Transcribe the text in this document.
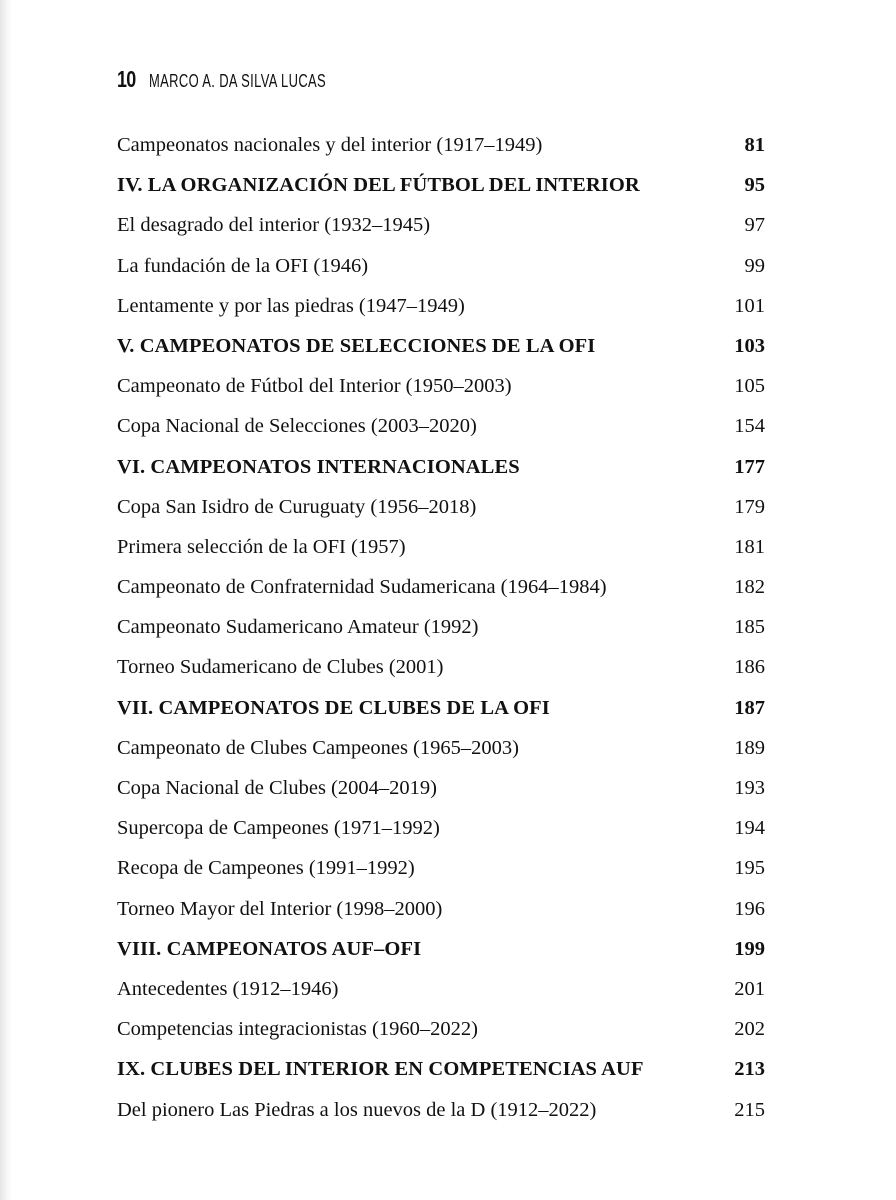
10 MARCO A. DA SILVA LUCAS
Campeonatos nacionales y del interior (1917–1949)	81
IV. LA ORGANIZACIÓN DEL FÚTBOL DEL INTERIOR	95
El desagrado del interior (1932–1945)	97
La fundación de la OFI (1946)	99
Lentamente y por las piedras (1947–1949)	101
V. CAMPEONATOS DE SELECCIONES DE LA OFI	103
Campeonato de Fútbol del Interior (1950–2003)	105
Copa Nacional de Selecciones (2003–2020)	154
VI. CAMPEONATOS INTERNACIONALES	177
Copa San Isidro de Curuguaty (1956–2018)	179
Primera selección de la OFI (1957)	181
Campeonato de Confraternidad Sudamericana (1964–1984)	182
Campeonato Sudamericano Amateur (1992)	185
Torneo Sudamericano de Clubes (2001)	186
VII. CAMPEONATOS DE CLUBES DE LA OFI	187
Campeonato de Clubes Campeones (1965–2003)	189
Copa Nacional de Clubes (2004–2019)	193
Supercopa de Campeones (1971–1992)	194
Recopa de Campeones (1991–1992)	195
Torneo Mayor del Interior (1998–2000)	196
VIII. CAMPEONATOS AUF–OFI	199
Antecedentes (1912–1946)	201
Competencias integracionistas (1960–2022)	202
IX. CLUBES DEL INTERIOR EN COMPETENCIAS AUF	213
Del pionero Las Piedras a los nuevos de la D (1912–2022)	215
